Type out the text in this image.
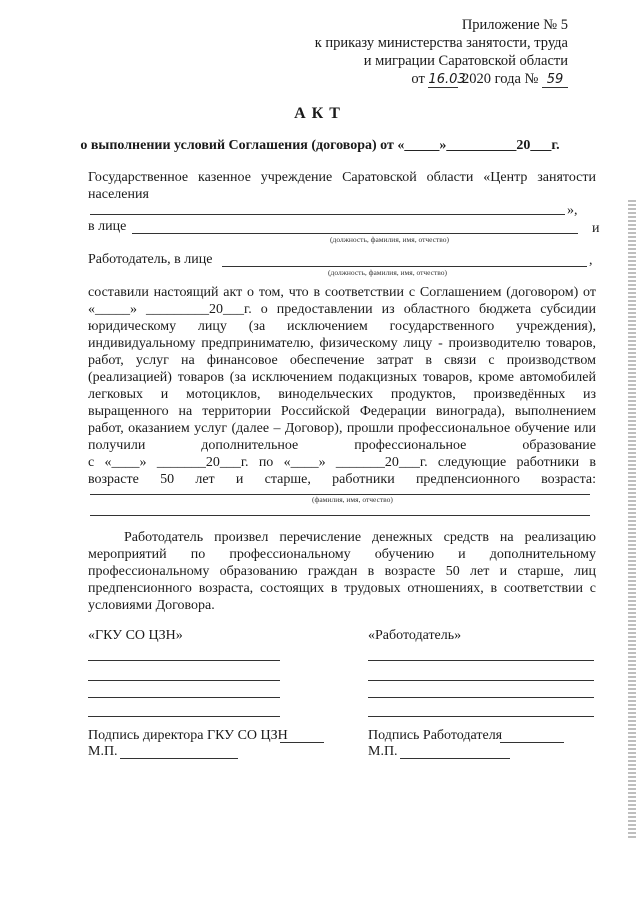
Приложение № 5
к приказу министерства занятости, труда
и миграции Саратовской области
от 16.03 2020 года № 59
АКТ
о выполнении условий Соглашения (договора) от «_____»__________20___г.
Государственное казенное учреждение Саратовской области «Центр занятости
населения
»,
в лице	и
(должность, фамилия, имя, отчество)
Работодатель, в лице	,
(должность, фамилия, имя, отчество)
составили настоящий акт о том, что в соответствии с Соглашением (договором) от
«_____» _________20___г. о предоставлении из областного бюджета субсидии
юридическому лицу (за исключением государственного учреждения),
индивидуальному предпринимателю, физическому лицу - производителю товаров,
работ, услуг на финансовое обеспечение затрат в связи с производством
(реализацией) товаров (за исключением подакцизных товаров, кроме автомобилей
легковых и мотоциклов, винодельческих продуктов, произведённых из
выращенного на территории Российской Федерации винограда), выполнением
работ, оказанием услуг (далее – Договор), прошли профессиональное обучение или
получили дополнительное профессиональное образование
с «____» _______20___г. по «____» _______20___г. следующие работники в
возрасте 50 лет и старше, работники предпенсионного возраста:
(фамилия, имя, отчество)
Работодатель произвел перечисление денежных средств на реализацию
мероприятий по профессиональному обучению и дополнительному
профессиональному образованию граждан в возрасте 50 лет и старше, лиц
предпенсионного возраста, состоящих в трудовых отношениях, в соответствии с
условиями Договора.
«ГКУ СО ЦЗН»
Подпись директора ГКУ СО ЦЗН
М.П.
«Работодатель»
Подпись Работодателя
М.П.
